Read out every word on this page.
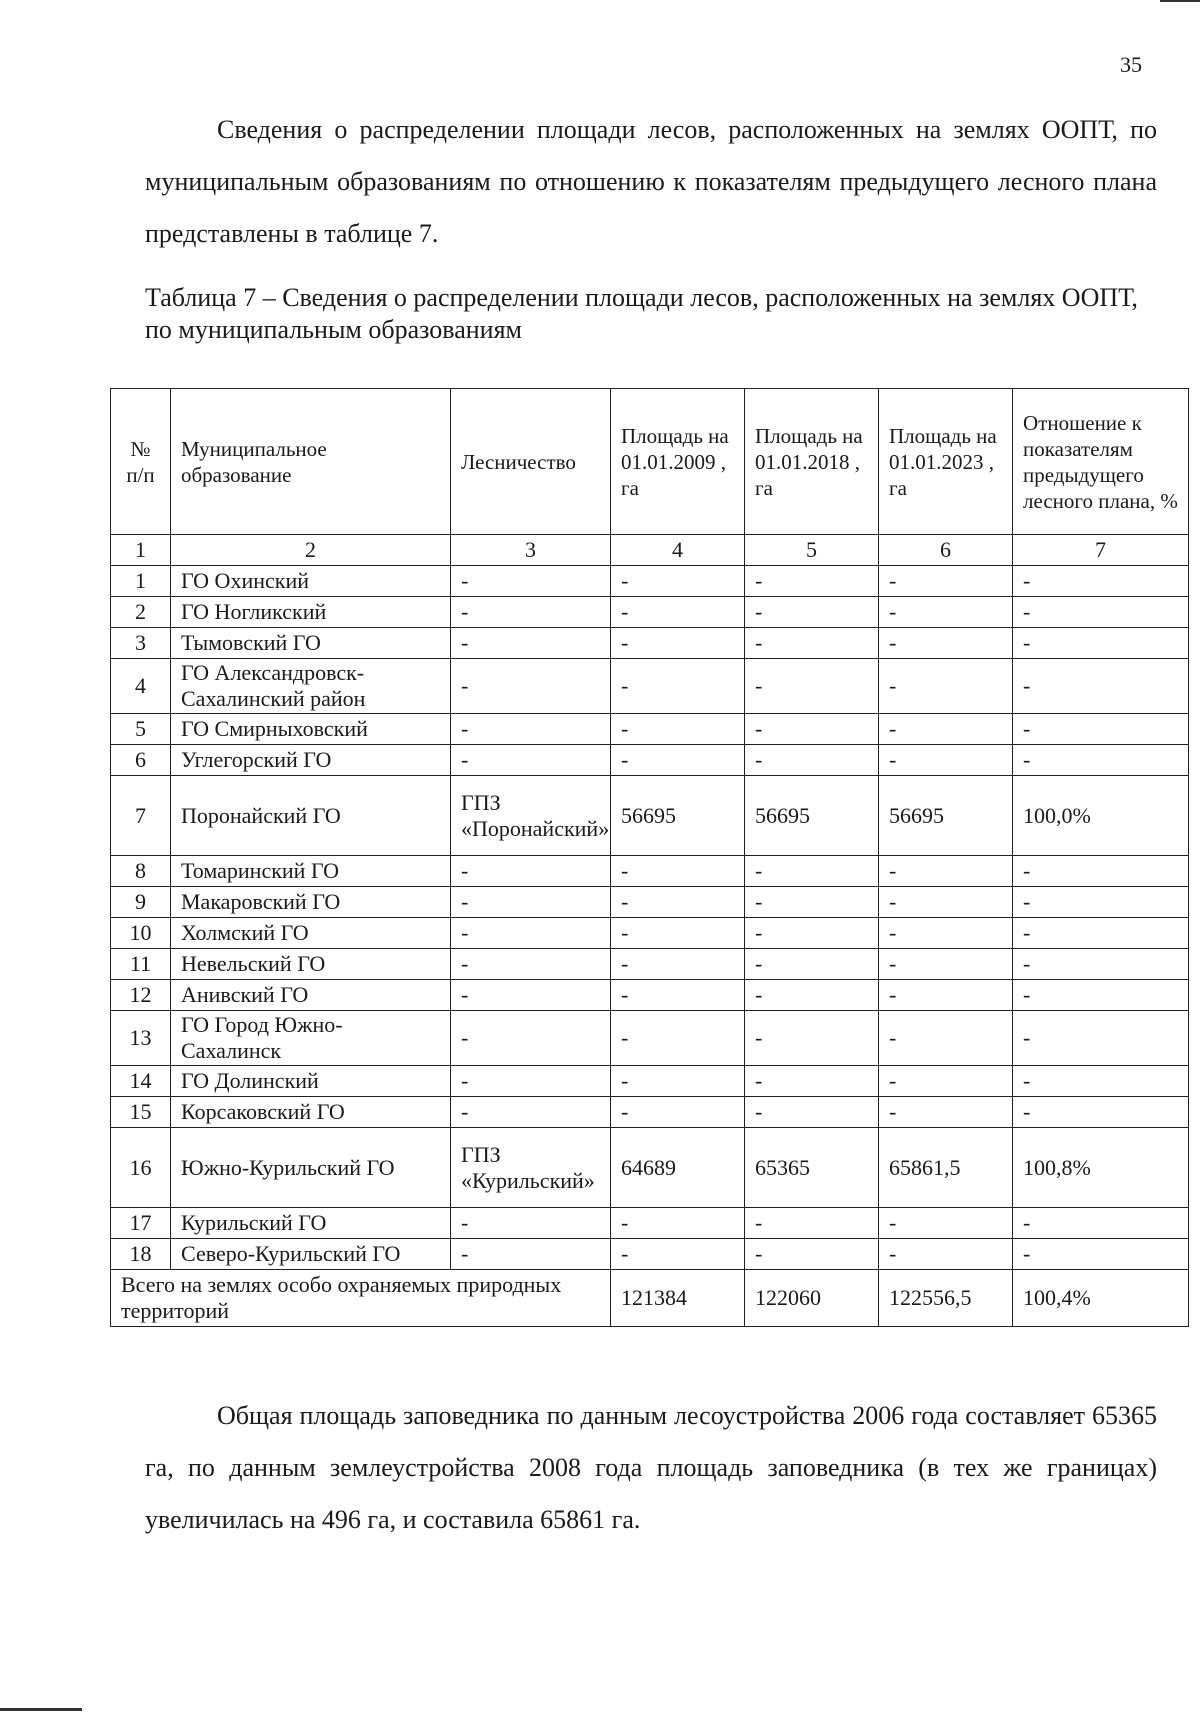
35

Сведения о распределении площади лесов, расположенных на землях ООПТ, по муниципальным образованиям по отношению к показателям предыдущего лесного плана представлены в таблице 7.

Таблица 7 – Сведения о распределении площади лесов, расположенных на землях ООПТ, по муниципальным образованиям

№ п/п	Муниципальное образование	Лесничество	Площадь на 01.01.2009 , га	Площадь на 01.01.2018 , га	Площадь на 01.01.2023 , га	Отношение к показателям предыдущего лесного плана, %
1	2	3	4	5	6	7
1	ГО Охинский	-	-	-	-	-
2	ГО Ногликский	-	-	-	-	-
3	Тымовский ГО	-	-	-	-	-
4	ГО Александровск-Сахалинский район	-	-	-	-	-
5	ГО Смирныховский	-	-	-	-	-
6	Углегорский ГО	-	-	-	-	-
7	Поронайский ГО	ГПЗ «Поронайский»	56695	56695	56695	100,0%
8	Томаринский ГО	-	-	-	-	-
9	Макаровский ГО	-	-	-	-	-
10	Холмский ГО	-	-	-	-	-
11	Невельский ГО	-	-	-	-	-
12	Анивский ГО	-	-	-	-	-
13	ГО Город Южно-Сахалинск	-	-	-	-	-
14	ГО Долинский	-	-	-	-	-
15	Корсаковский ГО	-	-	-	-	-
16	Южно-Курильский ГО	ГПЗ «Курильский»	64689	65365	65861,5	100,8%
17	Курильский ГО	-	-	-	-	-
18	Северо-Курильский ГО	-	-	-	-	-
Всего на землях особо охраняемых природных территорий			121384	122060	122556,5	100,4%

Общая площадь заповедника по данным лесоустройства 2006 года составляет 65365 га, по данным землеустройства 2008 года площадь заповедника (в тех же границах) увеличилась на 496 га, и составила 65861 га.
